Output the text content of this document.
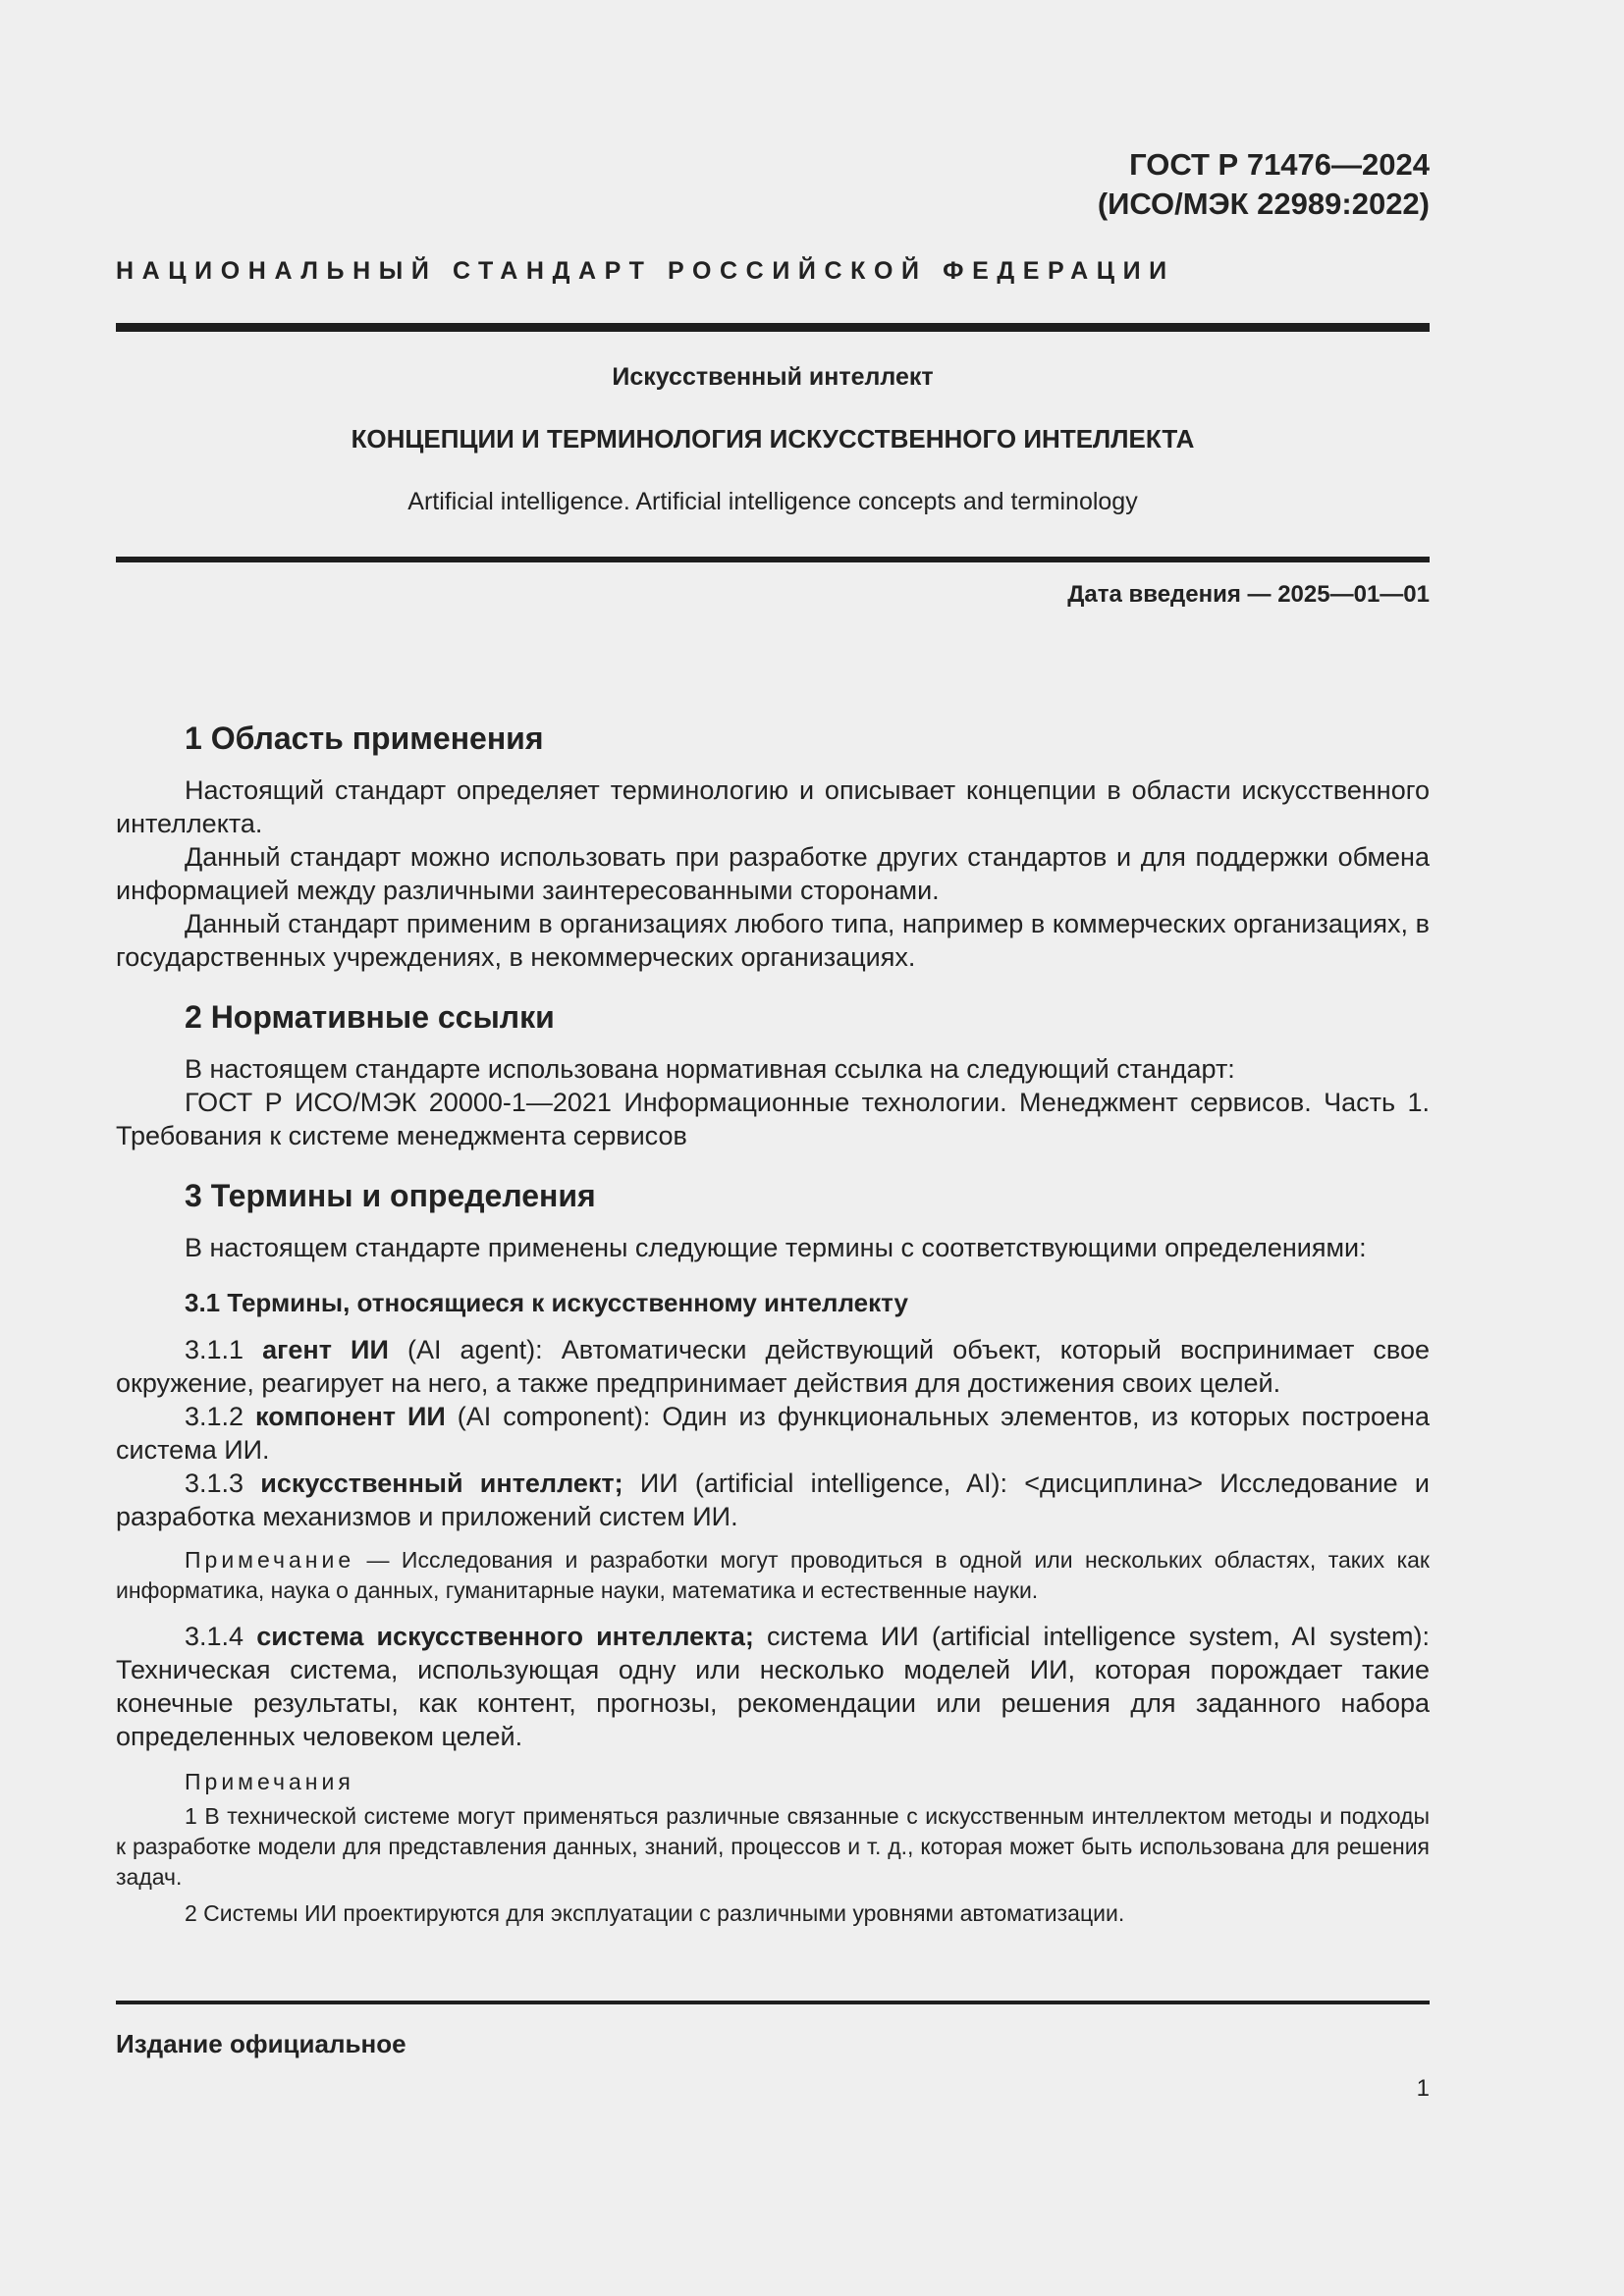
ГОСТ Р 71476—2024
(ИСО/МЭК 22989:2022)
НАЦИОНАЛЬНЫЙ СТАНДАРТ РОССИЙСКОЙ ФЕДЕРАЦИИ
Искусственный интеллект
КОНЦЕПЦИИ И ТЕРМИНОЛОГИЯ ИСКУССТВЕННОГО ИНТЕЛЛЕКТА
Artificial intelligence. Artificial intelligence concepts and terminology
Дата введения — 2025—01—01
1 Область применения

Настоящий стандарт определяет терминологию и описывает концепции в области искусственного интеллекта.

Данный стандарт можно использовать при разработке других стандартов и для поддержки обмена информацией между различными заинтересованными сторонами.

Данный стандарт применим в организациях любого типа, например в коммерческих организациях, в государственных учреждениях, в некоммерческих организациях.

2 Нормативные ссылки

В настоящем стандарте использована нормативная ссылка на следующий стандарт:

ГОСТ Р ИСО/МЭК 20000-1—2021 Информационные технологии. Менеджмент сервисов. Часть 1. Требования к системе менеджмента сервисов

3 Термины и определения

В настоящем стандарте применены следующие термины с соответствующими определениями:

3.1 Термины, относящиеся к искусственному интеллекту

3.1.1 агент ИИ (AI agent): Автоматически действующий объект, который воспринимает свое окружение, реагирует на него, а также предпринимает действия для достижения своих целей.

3.1.2 компонент ИИ (AI component): Один из функциональных элементов, из которых построена система ИИ.

3.1.3 искусственный интеллект; ИИ (artificial intelligence, AI): <дисциплина> Исследование и разработка механизмов и приложений систем ИИ.

Примечание — Исследования и разработки могут проводиться в одной или нескольких областях, таких как информатика, наука о данных, гуманитарные науки, математика и естественные науки.

3.1.4 система искусственного интеллекта; система ИИ (artificial intelligence system, AI system): Техническая система, использующая одну или несколько моделей ИИ, которая порождает такие конечные результаты, как контент, прогнозы, рекомендации или решения для заданного набора определенных человеком целей.

Примечания
1 В технической системе могут применяться различные связанные с искусственным интеллектом методы и подходы к разработке модели для представления данных, знаний, процессов и т. д., которая может быть использована для решения задач.
2 Системы ИИ проектируются для эксплуатации с различными уровнями автоматизации.
Издание официальное
1
